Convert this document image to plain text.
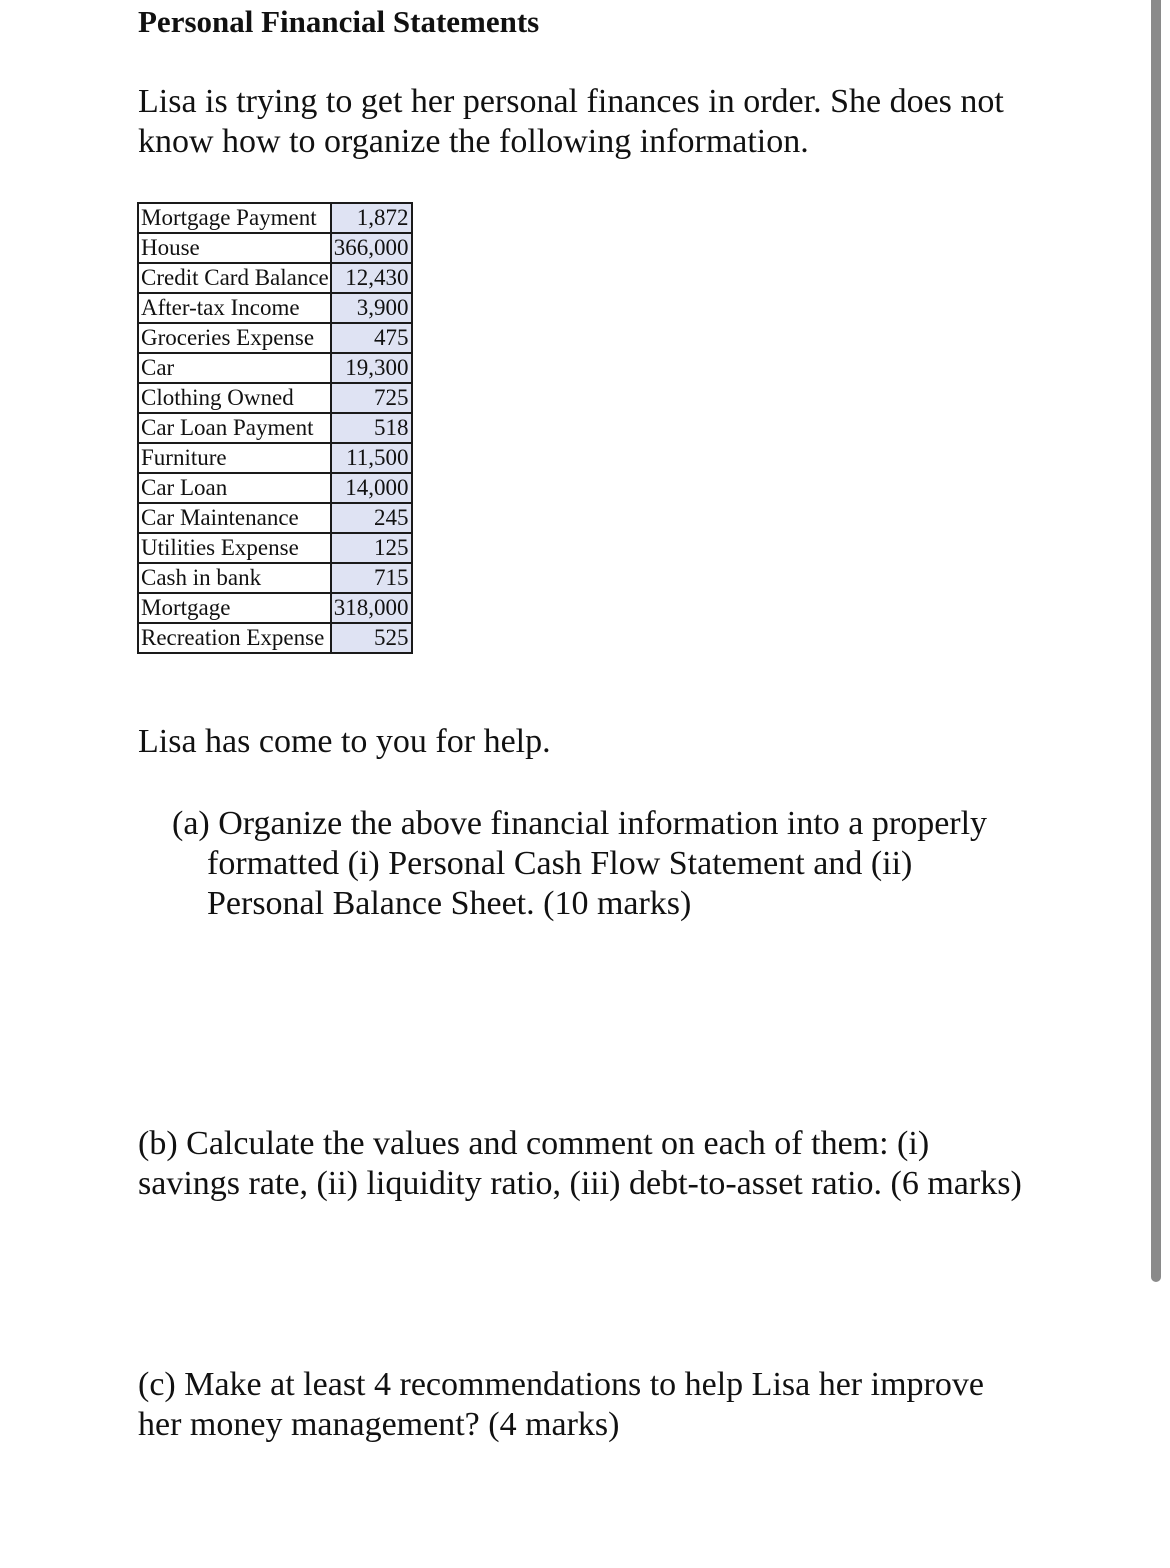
Personal Financial Statements
Lisa is trying to get her personal finances in order. She does not
know how to organize the following information.
Mortgage Payment	1,872
House	366,000
Credit Card Balance	12,430
After-tax Income	3,900
Groceries Expense	475
Car	19,300
Clothing Owned	725
Car Loan Payment	518
Furniture	11,500
Car Loan	14,000
Car Maintenance	245
Utilities Expense	125
Cash in bank	715
Mortgage	318,000
Recreation Expense	525
Lisa has come to you for help.
(a) Organize the above financial information into a properly
formatted (i) Personal Cash Flow Statement and (ii)
Personal Balance Sheet. (10 marks)
(b) Calculate the values and comment on each of them: (i)
savings rate, (ii) liquidity ratio, (iii) debt-to-asset ratio. (6 marks)
(c) Make at least 4 recommendations to help Lisa her improve
her money management? (4 marks)
